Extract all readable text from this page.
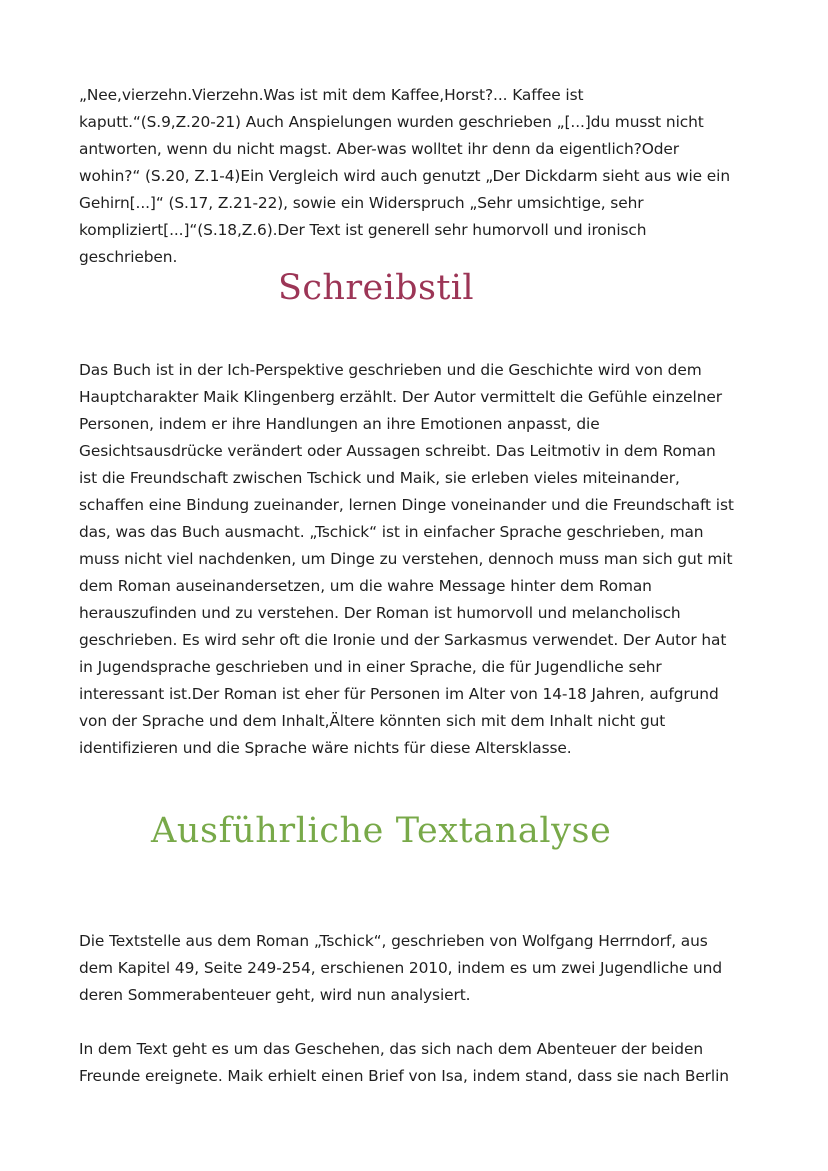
„Nee,vierzehn.Vierzehn.Was ist mit dem Kaffee,Horst?... Kaffee ist
kaputt.“(S.9,Z.20-21) Auch Anspielungen wurden geschrieben „[...]du musst nicht
antworten, wenn du nicht magst. Aber-was wolltet ihr denn da eigentlich?Oder
wohin?“ (S.20, Z.1-4)Ein Vergleich wird auch genutzt „Der Dickdarm sieht aus wie ein
Gehirn[...]“ (S.17, Z.21-22), sowie ein Widerspruch „Sehr umsichtige, sehr
kompliziert[...]“(S.18,Z.6).Der Text ist generell sehr humorvoll und ironisch
geschrieben.

Schreibstil

Das Buch ist in der Ich-Perspektive geschrieben und die Geschichte wird von dem
Hauptcharakter Maik Klingenberg erzählt. Der Autor vermittelt die Gefühle einzelner
Personen, indem er ihre Handlungen an ihre Emotionen anpasst, die
Gesichtsausdrücke verändert oder Aussagen schreibt. Das Leitmotiv in dem Roman
ist die Freundschaft zwischen Tschick und Maik, sie erleben vieles miteinander,
schaffen eine Bindung zueinander, lernen Dinge voneinander und die Freundschaft ist
das, was das Buch ausmacht. „Tschick“ ist in einfacher Sprache geschrieben, man
muss nicht viel nachdenken, um Dinge zu verstehen, dennoch muss man sich gut mit
dem Roman auseinandersetzen, um die wahre Message hinter dem Roman
herauszufinden und zu verstehen. Der Roman ist humorvoll und melancholisch
geschrieben. Es wird sehr oft die Ironie und der Sarkasmus verwendet. Der Autor hat
in Jugendsprache geschrieben und in einer Sprache, die für Jugendliche sehr
interessant ist.Der Roman ist eher für Personen im Alter von 14-18 Jahren, aufgrund
von der Sprache und dem Inhalt,Ältere könnten sich mit dem Inhalt nicht gut
identifizieren und die Sprache wäre nichts für diese Altersklasse.

Ausführliche Textanalyse

Die Textstelle aus dem Roman „Tschick“, geschrieben von Wolfgang Herrndorf, aus
dem Kapitel 49, Seite 249-254, erschienen 2010, indem es um zwei Jugendliche und
deren Sommerabenteuer geht, wird nun analysiert.

In dem Text geht es um das Geschehen, das sich nach dem Abenteuer der beiden
Freunde ereignete. Maik erhielt einen Brief von Isa, indem stand, dass sie nach Berlin
